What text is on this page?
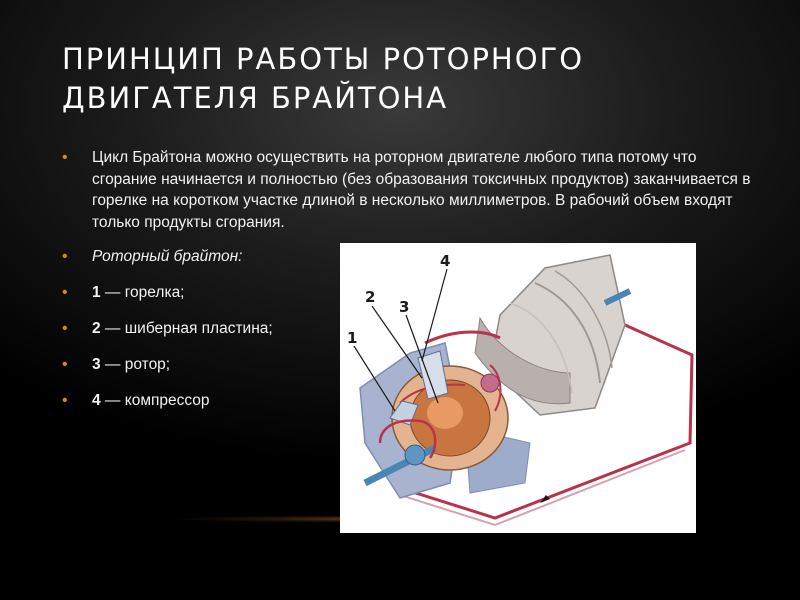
ПРИНЦИП РАБОТЫ РОТОРНОГО ДВИГАТЕЛЯ БРАЙТОНА
• Цикл Брайтона можно осуществить на роторном двигателе любого типа потому что сгорание начинается и полностью (без образования токсичных продуктов) заканчивается в горелке на коротком участке длиной в несколько миллиметров. В рабочий объем входят только продукты сгорания.
• Роторный брайтон:
• 1 — горелка;
• 2 — шиберная пластина;
• 3 — ротор;
• 4 — компрессор
1
2
3
4
